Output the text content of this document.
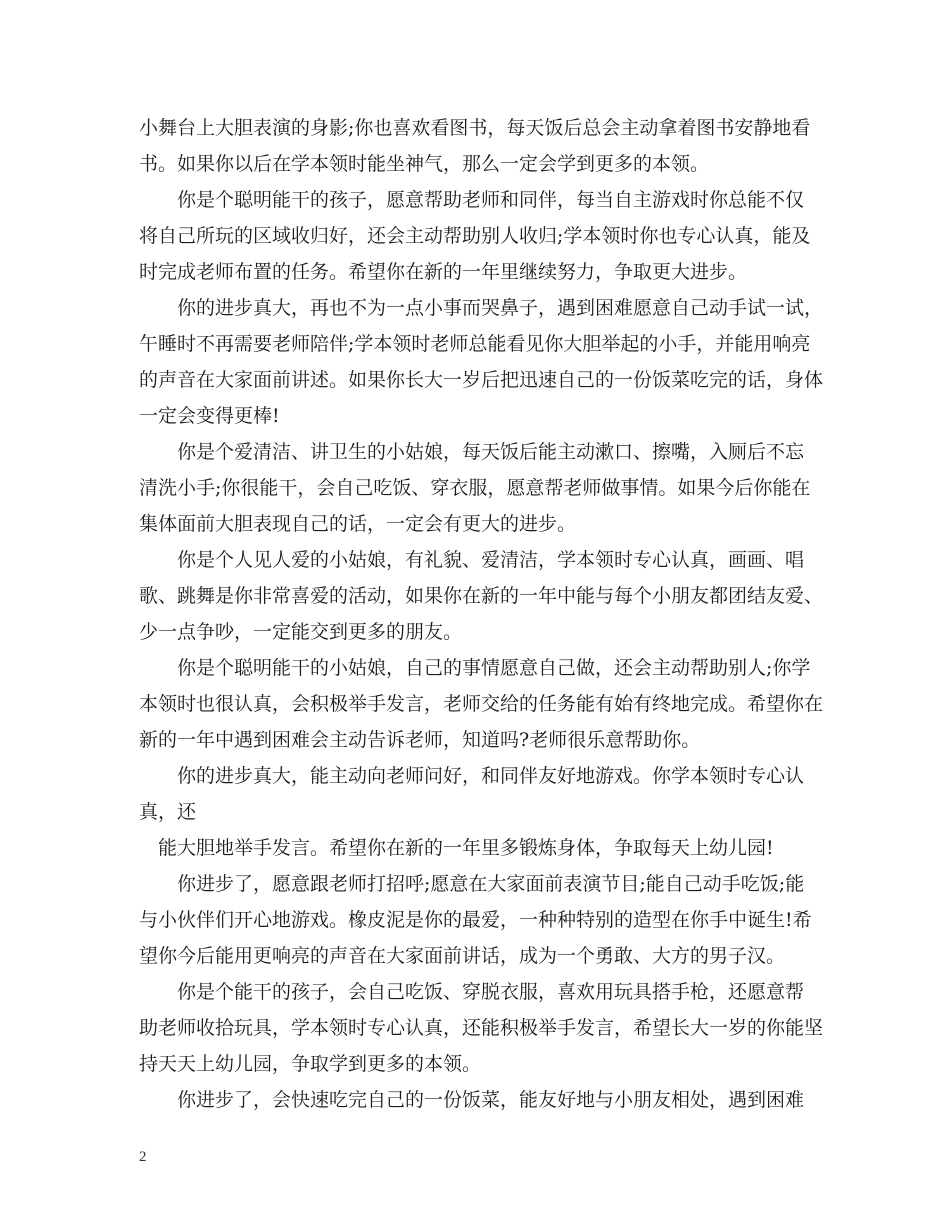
小舞台上大胆表演的身影;你也喜欢看图书，每天饭后总会主动拿着图书安静地看

书。如果你以后在学本领时能坐神气，那么一定会学到更多的本领。

你是个聪明能干的孩子，愿意帮助老师和同伴，每当自主游戏时你总能不仅

将自己所玩的区域收归好，还会主动帮助别人收归;学本领时你也专心认真，能及

时完成老师布置的任务。希望你在新的一年里继续努力，争取更大进步。

你的进步真大，再也不为一点小事而哭鼻子，遇到困难愿意自己动手试一试，

午睡时不再需要老师陪伴;学本领时老师总能看见你大胆举起的小手，并能用响亮

的声音在大家面前讲述。如果你长大一岁后把迅速自己的一份饭菜吃完的话，身体

一定会变得更棒!

你是个爱清洁、讲卫生的小姑娘，每天饭后能主动漱口、擦嘴，入厕后不忘

清洗小手;你很能干，会自己吃饭、穿衣服，愿意帮老师做事情。如果今后你能在

集体面前大胆表现自己的话，一定会有更大的进步。

你是个人见人爱的小姑娘，有礼貌、爱清洁，学本领时专心认真，画画、唱

歌、跳舞是你非常喜爱的活动，如果你在新的一年中能与每个小朋友都团结友爱、

少一点争吵，一定能交到更多的朋友。

你是个聪明能干的小姑娘，自己的事情愿意自己做，还会主动帮助别人;你学

本领时也很认真，会积极举手发言，老师交给的任务能有始有终地完成。希望你在

新的一年中遇到困难会主动告诉老师，知道吗?老师很乐意帮助你。

你的进步真大，能主动向老师问好，和同伴友好地游戏。你学本领时专心认

真，还

能大胆地举手发言。希望你在新的一年里多锻炼身体，争取每天上幼儿园!

你进步了，愿意跟老师打招呼;愿意在大家面前表演节目;能自己动手吃饭;能

与小伙伴们开心地游戏。橡皮泥是你的最爱，一种种特别的造型在你手中诞生!希

望你今后能用更响亮的声音在大家面前讲话，成为一个勇敢、大方的男子汉。

你是个能干的孩子，会自己吃饭、穿脱衣服，喜欢用玩具搭手枪，还愿意帮

助老师收拾玩具，学本领时专心认真，还能积极举手发言，希望长大一岁的你能坚

持天天上幼儿园，争取学到更多的本领。

你进步了，会快速吃完自己的一份饭菜，能友好地与小朋友相处，遇到困难

2
